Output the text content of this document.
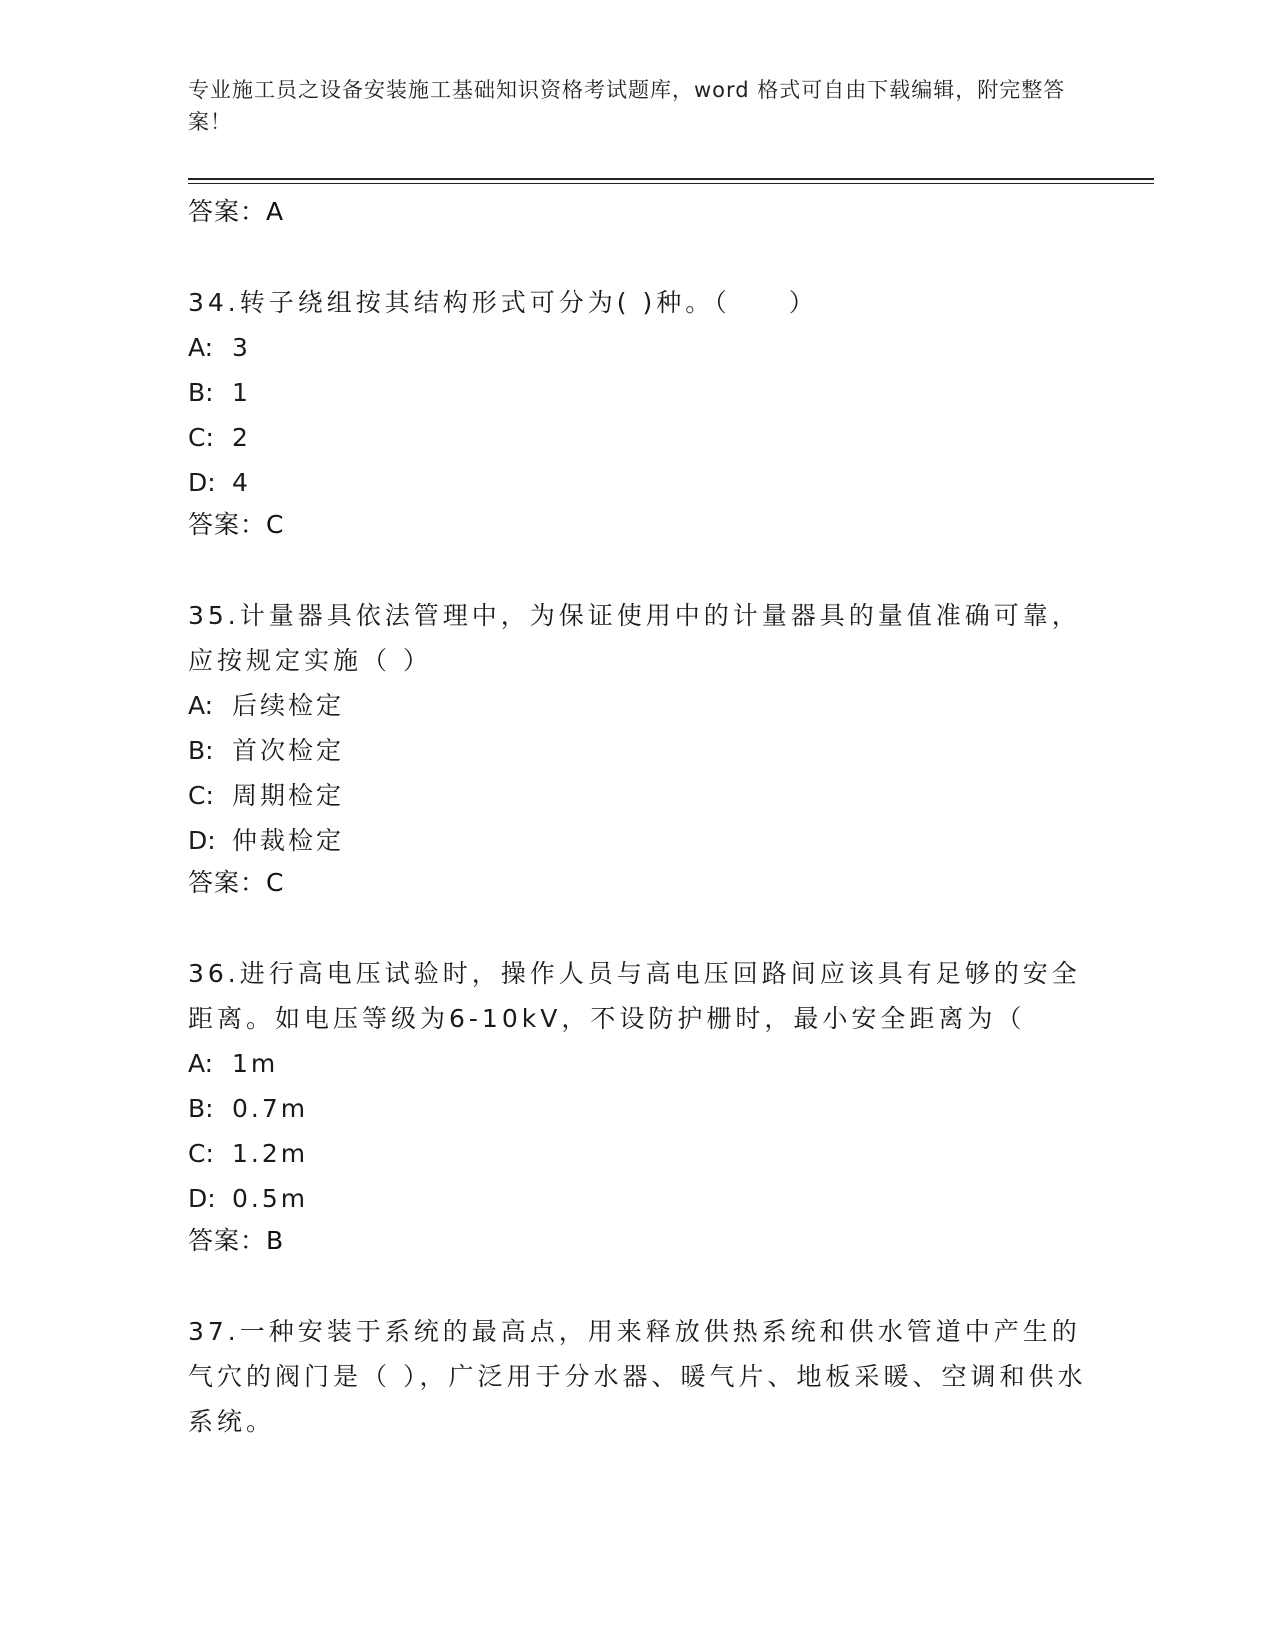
专业施工员之设备安装施工基础知识资格考试题库，word 格式可自由下载编辑，附完整答案！
答案：A
34.转子绕组按其结构形式可分为( )种。（　　）
A: 3
B: 1
C: 2
D: 4
答案：C
35.计量器具依法管理中，为保证使用中的计量器具的量值准确可靠，应按规定实施（ ）
A: 后续检定
B: 首次检定
C: 周期检定
D: 仲裁检定
答案：C
36.进行高电压试验时，操作人员与高电压回路间应该具有足够的安全距离。如电压等级为6-10kV，不设防护栅时，最小安全距离为（
A: 1m
B: 0.7m
C: 1.2m
D: 0.5m
答案：B
37.一种安装于系统的最高点，用来释放供热系统和供水管道中产生的气穴的阀门是（ ），广泛用于分水器、暖气片、地板采暖、空调和供水系统。
